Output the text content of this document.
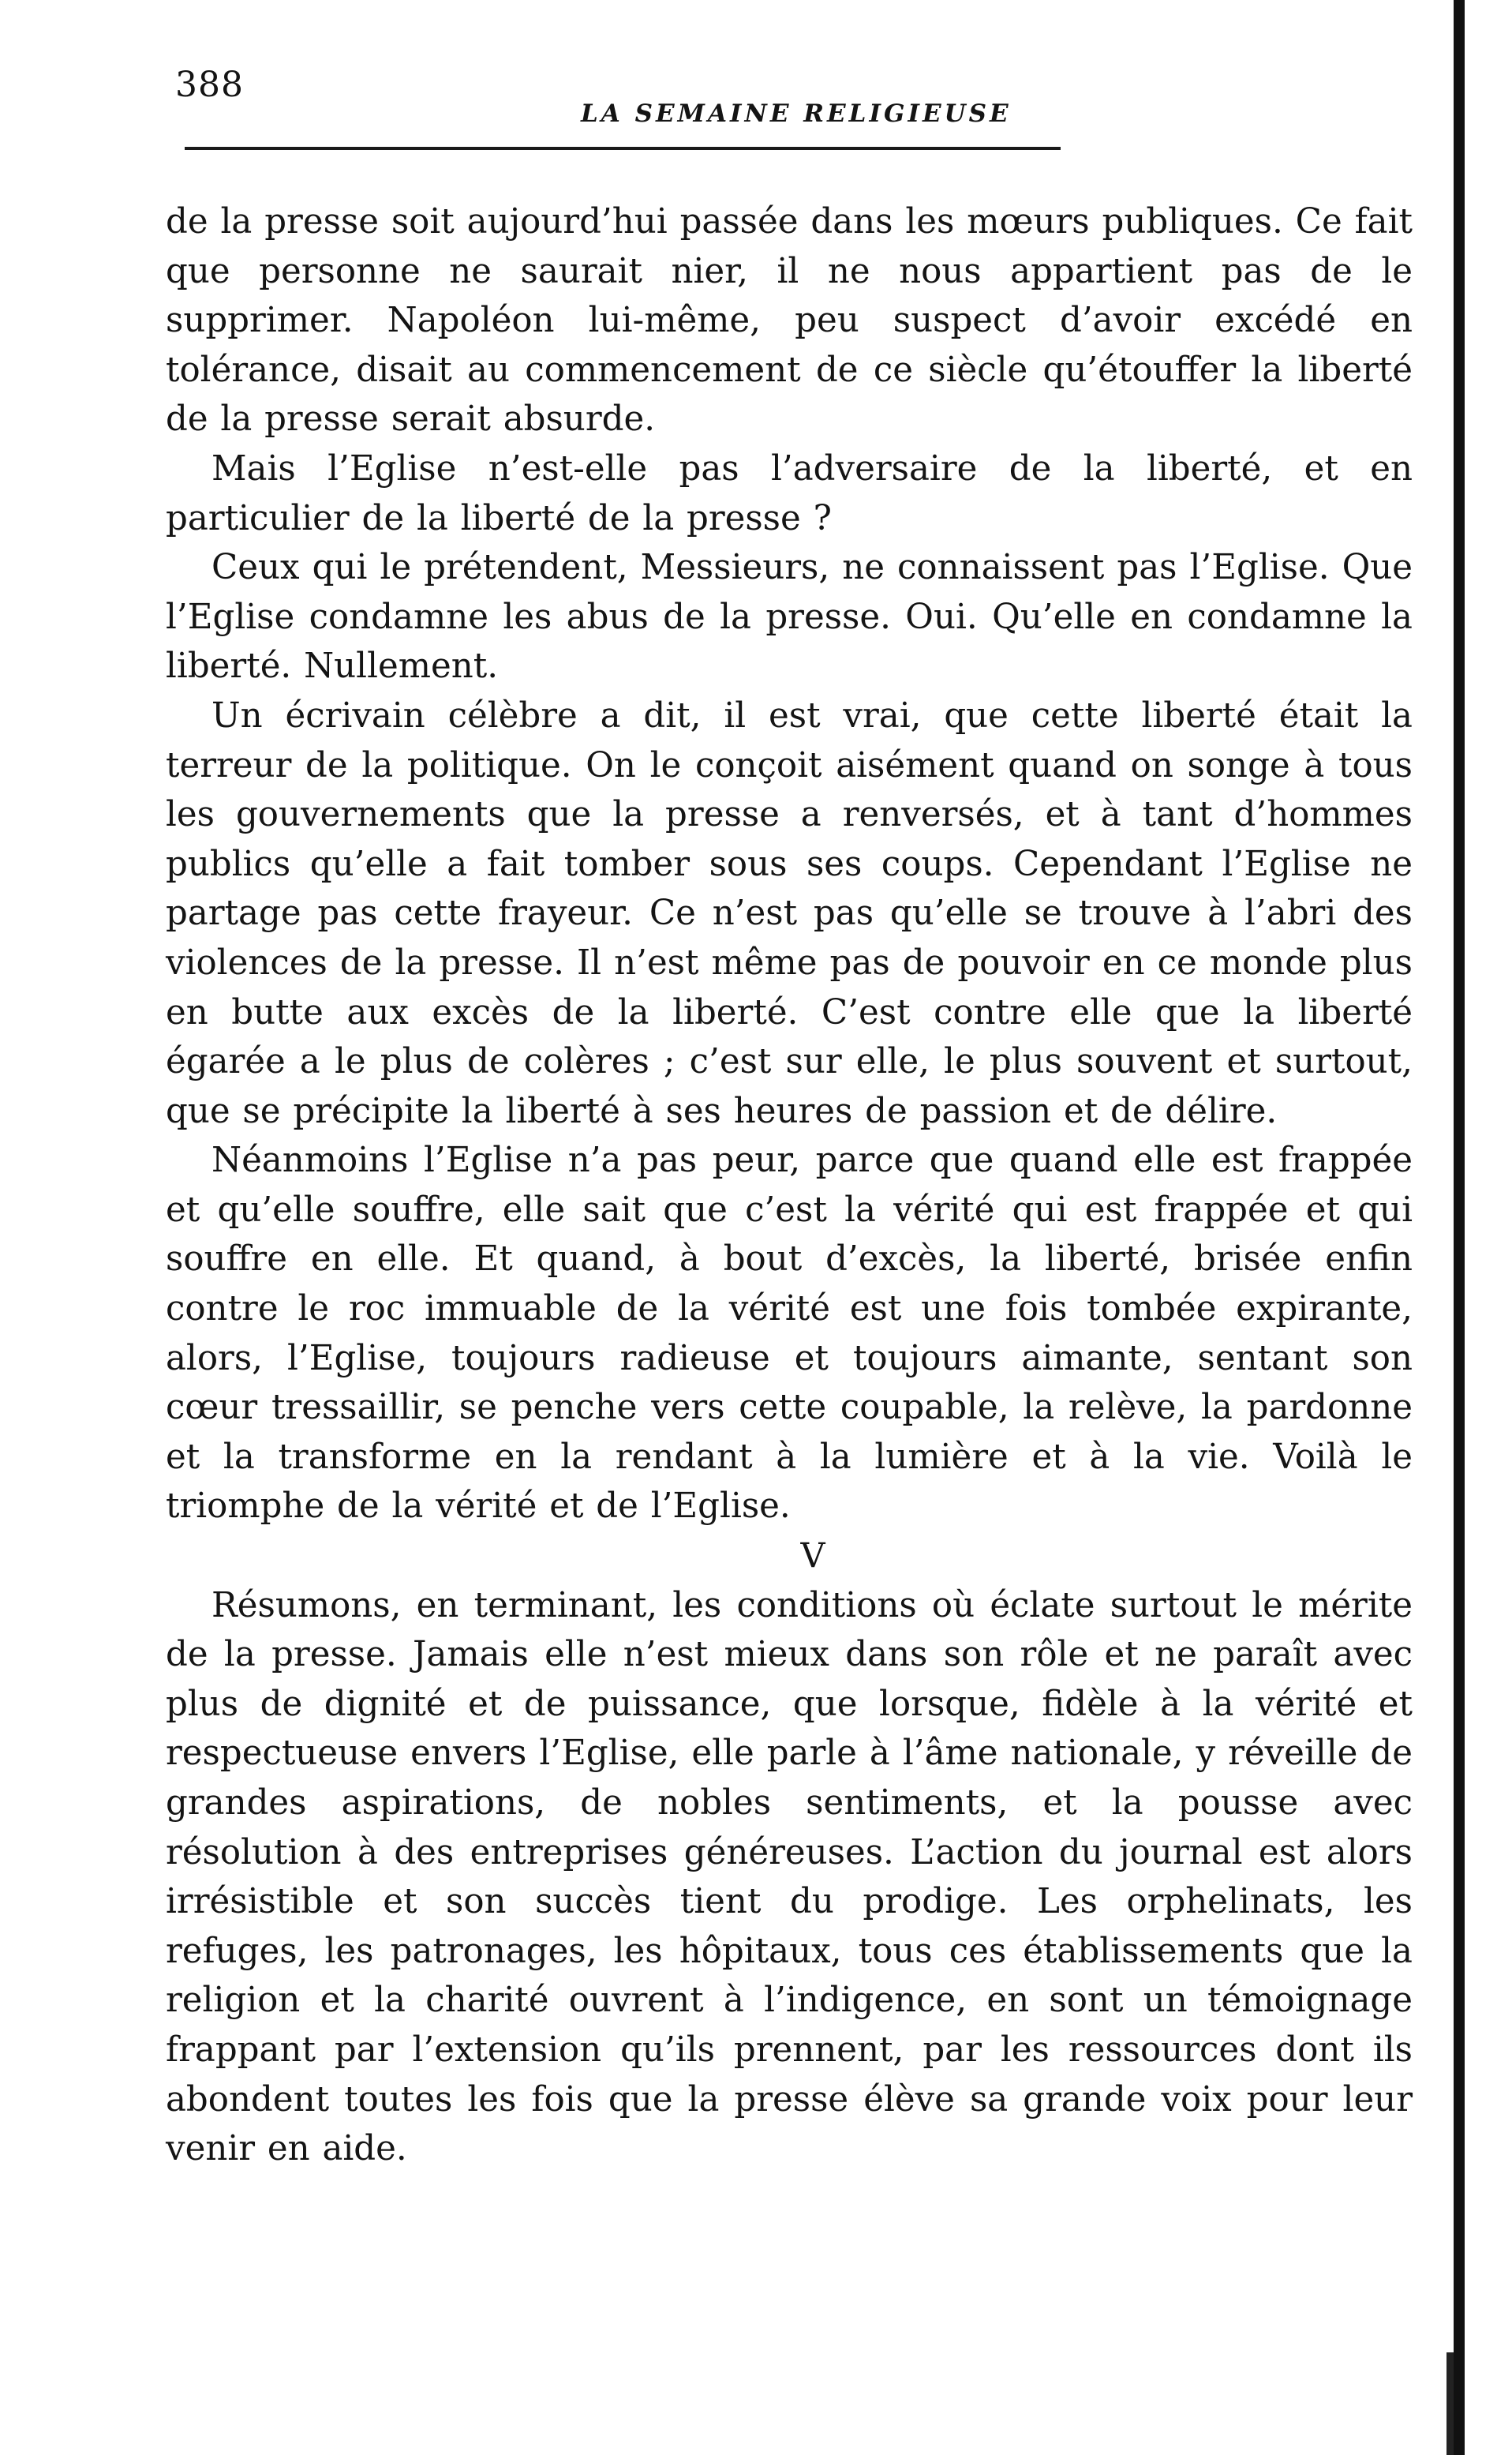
388
LA SEMAINE RELIGIEUSE

de la presse soit aujourd’hui passée dans les mœurs publiques. Ce fait que personne ne saurait nier, il ne nous appartient pas de le supprimer. Napoléon lui-même, peu suspect d’avoir excédé en tolérance, disait au commencement de ce siècle qu’étouffer la liberté de la presse serait absurde.

Mais l’Eglise n’est-elle pas l’adversaire de la liberté, et en particulier de la liberté de la presse ?

Ceux qui le prétendent, Messieurs, ne connaissent pas l’Eglise. Que l’Eglise condamne les abus de la presse. Oui. Qu’elle en condamne la liberté. Nullement.

Un écrivain célèbre a dit, il est vrai, que cette liberté était la terreur de la politique. On le conçoit aisément quand on songe à tous les gouvernements que la presse a renversés, et à tant d’hommes publics qu’elle a fait tomber sous ses coups. Cependant l’Eglise ne partage pas cette frayeur. Ce n’est pas qu’elle se trouve à l’abri des violences de la presse. Il n’est même pas de pouvoir en ce monde plus en butte aux excès de la liberté. C’est contre elle que la liberté égarée a le plus de colères ; c’est sur elle, le plus souvent et surtout, que se précipite la liberté à ses heures de passion et de délire.

Néanmoins l’Eglise n’a pas peur, parce que quand elle est frappée et qu’elle souffre, elle sait que c’est la vérité qui est frappée et qui souffre en elle. Et quand, à bout d’excès, la liberté, brisée enfin contre le roc immuable de la vérité est une fois tombée expirante, alors, l’Eglise, toujours radieuse et toujours aimante, sentant son cœur tressaillir, se penche vers cette coupable, la relève, la pardonne et la transforme en la rendant à la lumière et à la vie. Voilà le triomphe de la vérité et de l’Eglise.

V

Résumons, en terminant, les conditions où éclate surtout le mérite de la presse. Jamais elle n’est mieux dans son rôle et ne paraît avec plus de dignité et de puissance, que lorsque, fidèle à la vérité et respectueuse envers l’Eglise, elle parle à l’âme nationale, y réveille de grandes aspirations, de nobles sentiments, et la pousse avec résolution à des entreprises généreuses. L’action du journal est alors irrésistible et son succès tient du prodige. Les orphelinats, les refuges, les patronages, les hôpitaux, tous ces établissements que la religion et la charité ouvrent à l’indigence, en sont un témoignage frappant par l’extension qu’ils prennent, par les ressources dont ils abondent toutes les fois que la presse élève sa grande voix pour leur venir en aide.
